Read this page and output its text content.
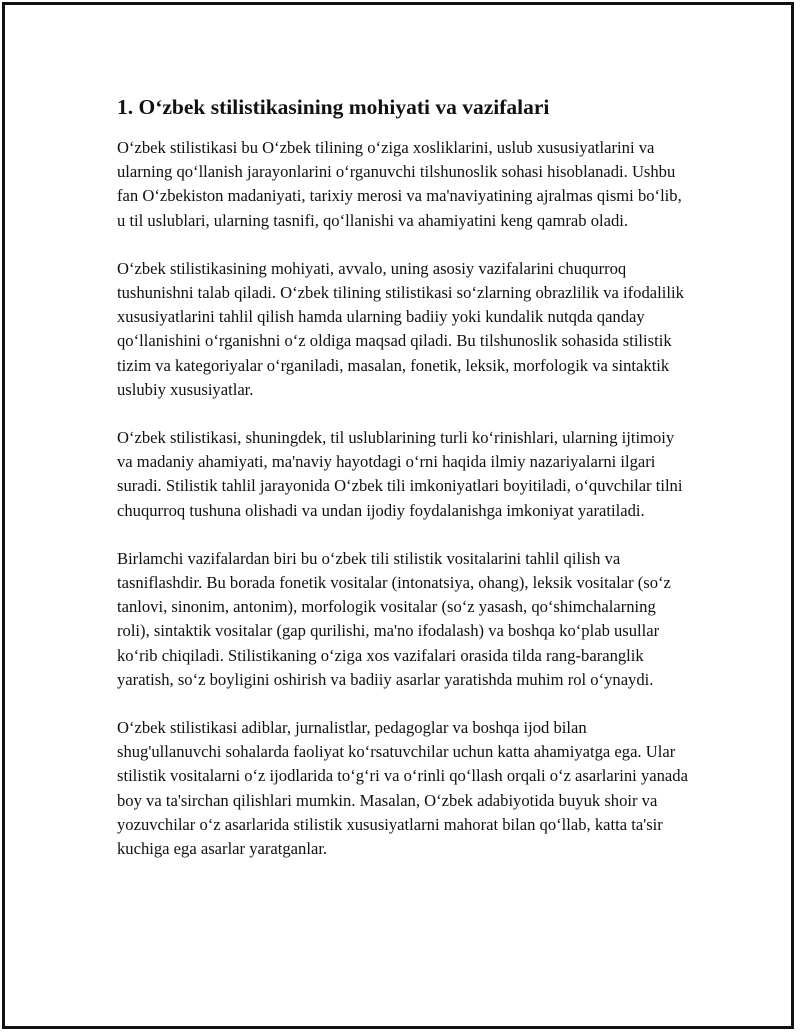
1. O‘zbek stilistikasining mohiyati va vazifalari

O‘zbek stilistikasi bu O‘zbek tilining o‘ziga xosliklarini, uslub xususiyatlarini va ularning qo‘llanish jarayonlarini o‘rganuvchi tilshunoslik sohasi hisoblanadi. Ushbu fan O‘zbekiston madaniyati, tarixiy merosi va ma'naviyatining ajralmas qismi bo‘lib, u til uslublari, ularning tasnifi, qo‘llanishi va ahamiyatini keng qamrab oladi.

O‘zbek stilistikasining mohiyati, avvalo, uning asosiy vazifalarini chuqurroq tushunishni talab qiladi. O‘zbek tilining stilistikasi so‘zlarning obrazlilik va ifodalilik xususiyatlarini tahlil qilish hamda ularning badiiy yoki kundalik nutqda qanday qo‘llanishini o‘rganishni o‘z oldiga maqsad qiladi. Bu tilshunoslik sohasida stilistik tizim va kategoriyalar o‘rganiladi, masalan, fonetik, leksik, morfologik va sintaktik uslubiy xususiyatlar.

O‘zbek stilistikasi, shuningdek, til uslublarining turli ko‘rinishlari, ularning ijtimoiy va madaniy ahamiyati, ma'naviy hayotdagi o‘rni haqida ilmiy nazariyalarni ilgari suradi. Stilistik tahlil jarayonida O‘zbek tili imkoniyatlari boyitiladi, o‘quvchilar tilni chuqurroq tushuna olishadi va undan ijodiy foydalanishga imkoniyat yaratiladi.

Birlamchi vazifalardan biri bu o‘zbek tili stilistik vositalarini tahlil qilish va tasniflashdir. Bu borada fonetik vositalar (intonatsiya, ohang), leksik vositalar (so‘z tanlovi, sinonim, antonim), morfologik vositalar (so‘z yasash, qo‘shimchalarning roli), sintaktik vositalar (gap qurilishi, ma'no ifodalash) va boshqa ko‘plab usullar ko‘rib chiqiladi. Stilistikaning o‘ziga xos vazifalari orasida tilda rang-baranglik yaratish, so‘z boyligini oshirish va badiiy asarlar yaratishda muhim rol o‘ynaydi.

O‘zbek stilistikasi adiblar, jurnalistlar, pedagoglar va boshqa ijod bilan shug'ullanuvchi sohalarda faoliyat ko‘rsatuvchilar uchun katta ahamiyatga ega. Ular stilistik vositalarni o‘z ijodlarida to‘g‘ri va o‘rinli qo‘llash orqali o‘z asarlarini yanada boy va ta'sirchan qilishlari mumkin. Masalan, O‘zbek adabiyotida buyuk shoir va yozuvchilar o‘z asarlarida stilistik xususiyatlarni mahorat bilan qo‘llab, katta ta'sir kuchiga ega asarlar yaratganlar.
